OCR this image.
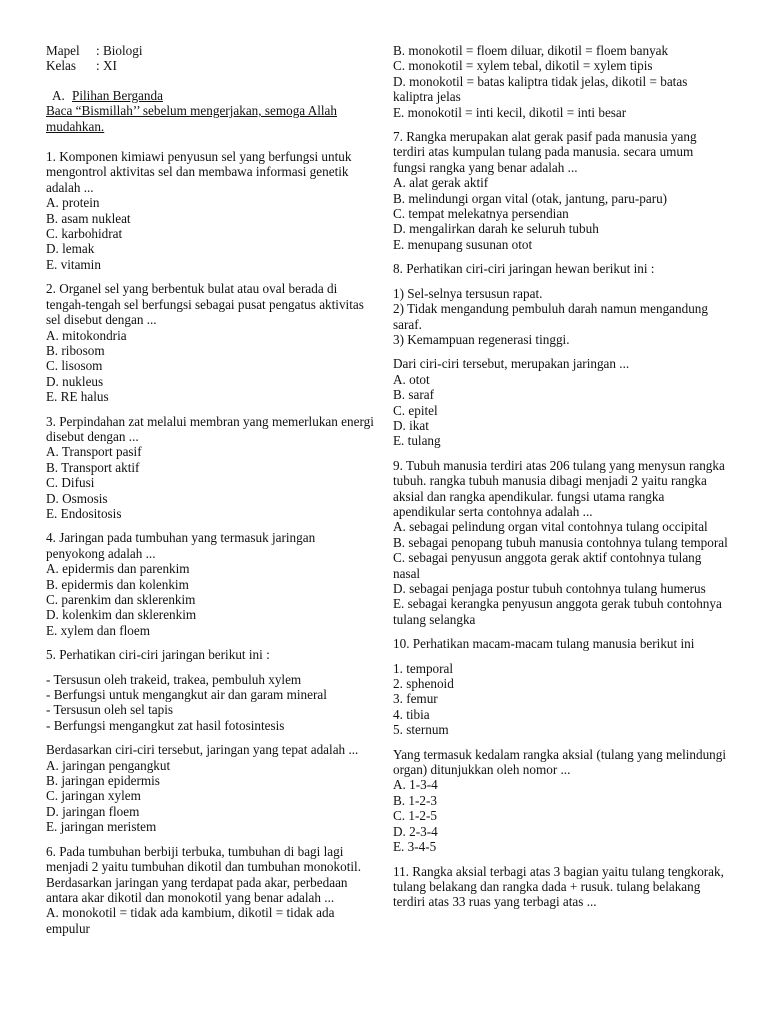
Mapel : Biologi
Kelas : XI
A. Pilihan Berganda
Baca “Bismillah’’ sebelum mengerjakan, semoga Allah mudahkan.
1. Komponen kimiawi penyusun sel yang berfungsi untuk mengontrol aktivitas sel dan membawa informasi genetik adalah ...
A. protein
B. asam nukleat
C. karbohidrat
D. lemak
E. vitamin
2. Organel sel yang berbentuk bulat atau oval berada di tengah-tengah sel berfungsi sebagai pusat pengatus aktivitas sel disebut dengan ...
A. mitokondria
B. ribosom
C. lisosom
D. nukleus
E. RE halus
3. Perpindahan zat melalui membran yang memerlukan energi disebut dengan ...
A. Transport pasif
B. Transport aktif
C. Difusi
D. Osmosis
E. Endositosis
4. Jaringan pada tumbuhan yang termasuk jaringan penyokong adalah ...
A. epidermis dan parenkim
B. epidermis dan kolenkim
C. parenkim dan sklerenkim
D. kolenkim dan sklerenkim
E. xylem dan floem
5. Perhatikan ciri-ciri jaringan berikut ini :
- Tersusun oleh trakeid, trakea, pembuluh xylem
- Berfungsi untuk mengangkut air dan garam mineral
- Tersusun oleh sel tapis
- Berfungsi mengangkut zat hasil fotosintesis
Berdasarkan ciri-ciri tersebut, jaringan yang tepat adalah ...
A. jaringan pengangkut
B. jaringan epidermis
C. jaringan xylem
D. jaringan floem
E. jaringan meristem
6. Pada tumbuhan berbiji terbuka, tumbuhan di bagi lagi menjadi 2 yaitu tumbuhan dikotil dan tumbuhan monokotil. Berdasarkan jaringan yang terdapat pada akar, perbedaan antara akar dikotil dan monokotil yang benar adalah ...
A. monokotil = tidak ada kambium, dikotil = tidak ada empulur
B. monokotil = floem diluar, dikotil = floem banyak
C. monokotil = xylem tebal, dikotil = xylem tipis
D. monokotil = batas kaliptra tidak jelas, dikotil = batas kaliptra jelas
E. monokotil = inti kecil, dikotil = inti besar
7. Rangka merupakan alat gerak pasif pada manusia yang terdiri atas kumpulan tulang pada manusia. secara umum fungsi rangka yang benar adalah ...
A. alat gerak aktif
B. melindungi organ vital (otak, jantung, paru-paru)
C. tempat melekatnya persendian
D. mengalirkan darah ke seluruh tubuh
E. menupang susunan otot
8. Perhatikan ciri-ciri jaringan hewan berikut ini :
1) Sel-selnya tersusun rapat.
2) Tidak mengandung pembuluh darah namun mengandung saraf.
3) Kemampuan regenerasi tinggi.
Dari ciri-ciri tersebut, merupakan jaringan ...
A. otot
B. saraf
C. epitel
D. ikat
E. tulang
9. Tubuh manusia terdiri atas 206 tulang yang menysun rangka tubuh. rangka tubuh manusia dibagi menjadi 2 yaitu rangka aksial dan rangka apendikular. fungsi utama rangka apendikular serta contohnya adalah ...
A. sebagai pelindung organ vital contohnya tulang occipital
B. sebagai penopang tubuh manusia contohnya tulang temporal
C. sebagai penyusun anggota gerak aktif contohnya tulang nasal
D. sebagai penjaga postur tubuh contohnya tulang humerus
E. sebagai kerangka penyusun anggota gerak tubuh contohnya tulang selangka
10. Perhatikan macam-macam tulang manusia berikut ini
1. temporal
2. sphenoid
3. femur
4. tibia
5. sternum
Yang termasuk kedalam rangka aksial (tulang yang melindungi organ) ditunjukkan oleh nomor ...
A. 1-3-4
B. 1-2-3
C. 1-2-5
D. 2-3-4
E. 3-4-5
11. Rangka aksial terbagi atas 3 bagian yaitu tulang tengkorak, tulang belakang dan rangka dada + rusuk. tulang belakang terdiri atas 33 ruas yang terbagi atas ...
